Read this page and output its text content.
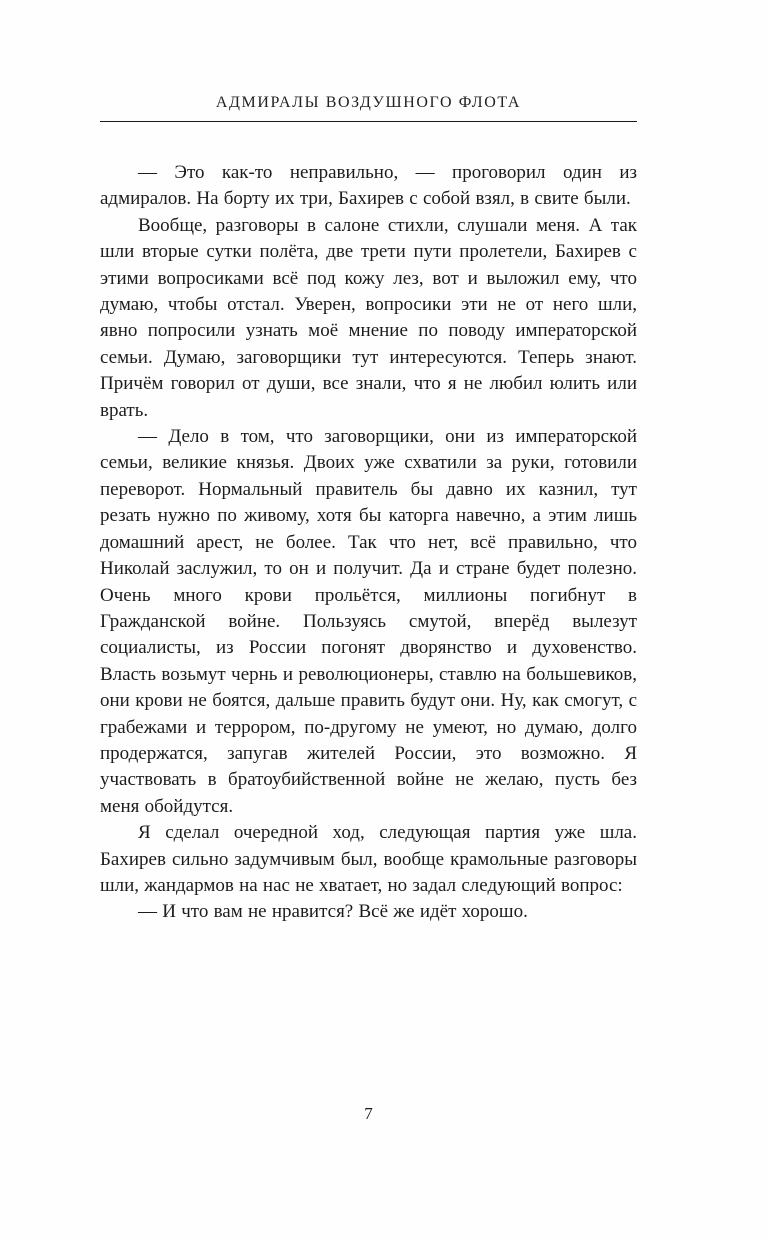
АДМИРАЛЫ ВОЗДУШНОГО ФЛОТА

— Это как-то неправильно, — проговорил один из адмиралов. На борту их три, Бахирев с собой взял, в свите были.

Вообще, разговоры в салоне стихли, слушали меня. А так шли вторые сутки полёта, две трети пути пролетели, Бахирев с этими вопросиками всё под кожу лез, вот и выложил ему, что думаю, чтобы отстал. Уверен, вопросики эти не от него шли, явно попросили узнать моё мнение по поводу императорской семьи. Думаю, заговорщики тут интересуются. Теперь знают. Причём говорил от души, все знали, что я не любил юлить или врать.

— Дело в том, что заговорщики, они из императорской семьи, великие князья. Двоих уже схватили за руки, готовили переворот. Нормальный правитель бы давно их казнил, тут резать нужно по живому, хотя бы каторга навечно, а этим лишь домашний арест, не более. Так что нет, всё правильно, что Николай заслужил, то он и получит. Да и стране будет полезно. Очень много крови прольётся, миллионы погибнут в Гражданской войне. Пользуясь смутой, вперёд вылезут социалисты, из России погонят дворянство и духовенство. Власть возьмут чернь и революционеры, ставлю на большевиков, они крови не боятся, дальше править будут они. Ну, как смогут, с грабежами и террором, по-другому не умеют, но думаю, долго продержатся, запугав жителей России, это возможно. Я участвовать в братоубийственной войне не желаю, пусть без меня обойдутся.

Я сделал очередной ход, следующая партия уже шла. Бахирев сильно задумчивым был, вообще крамольные разговоры шли, жандармов на нас не хватает, но задал следующий вопрос:

— И что вам не нравится? Всё же идёт хорошо.

7
